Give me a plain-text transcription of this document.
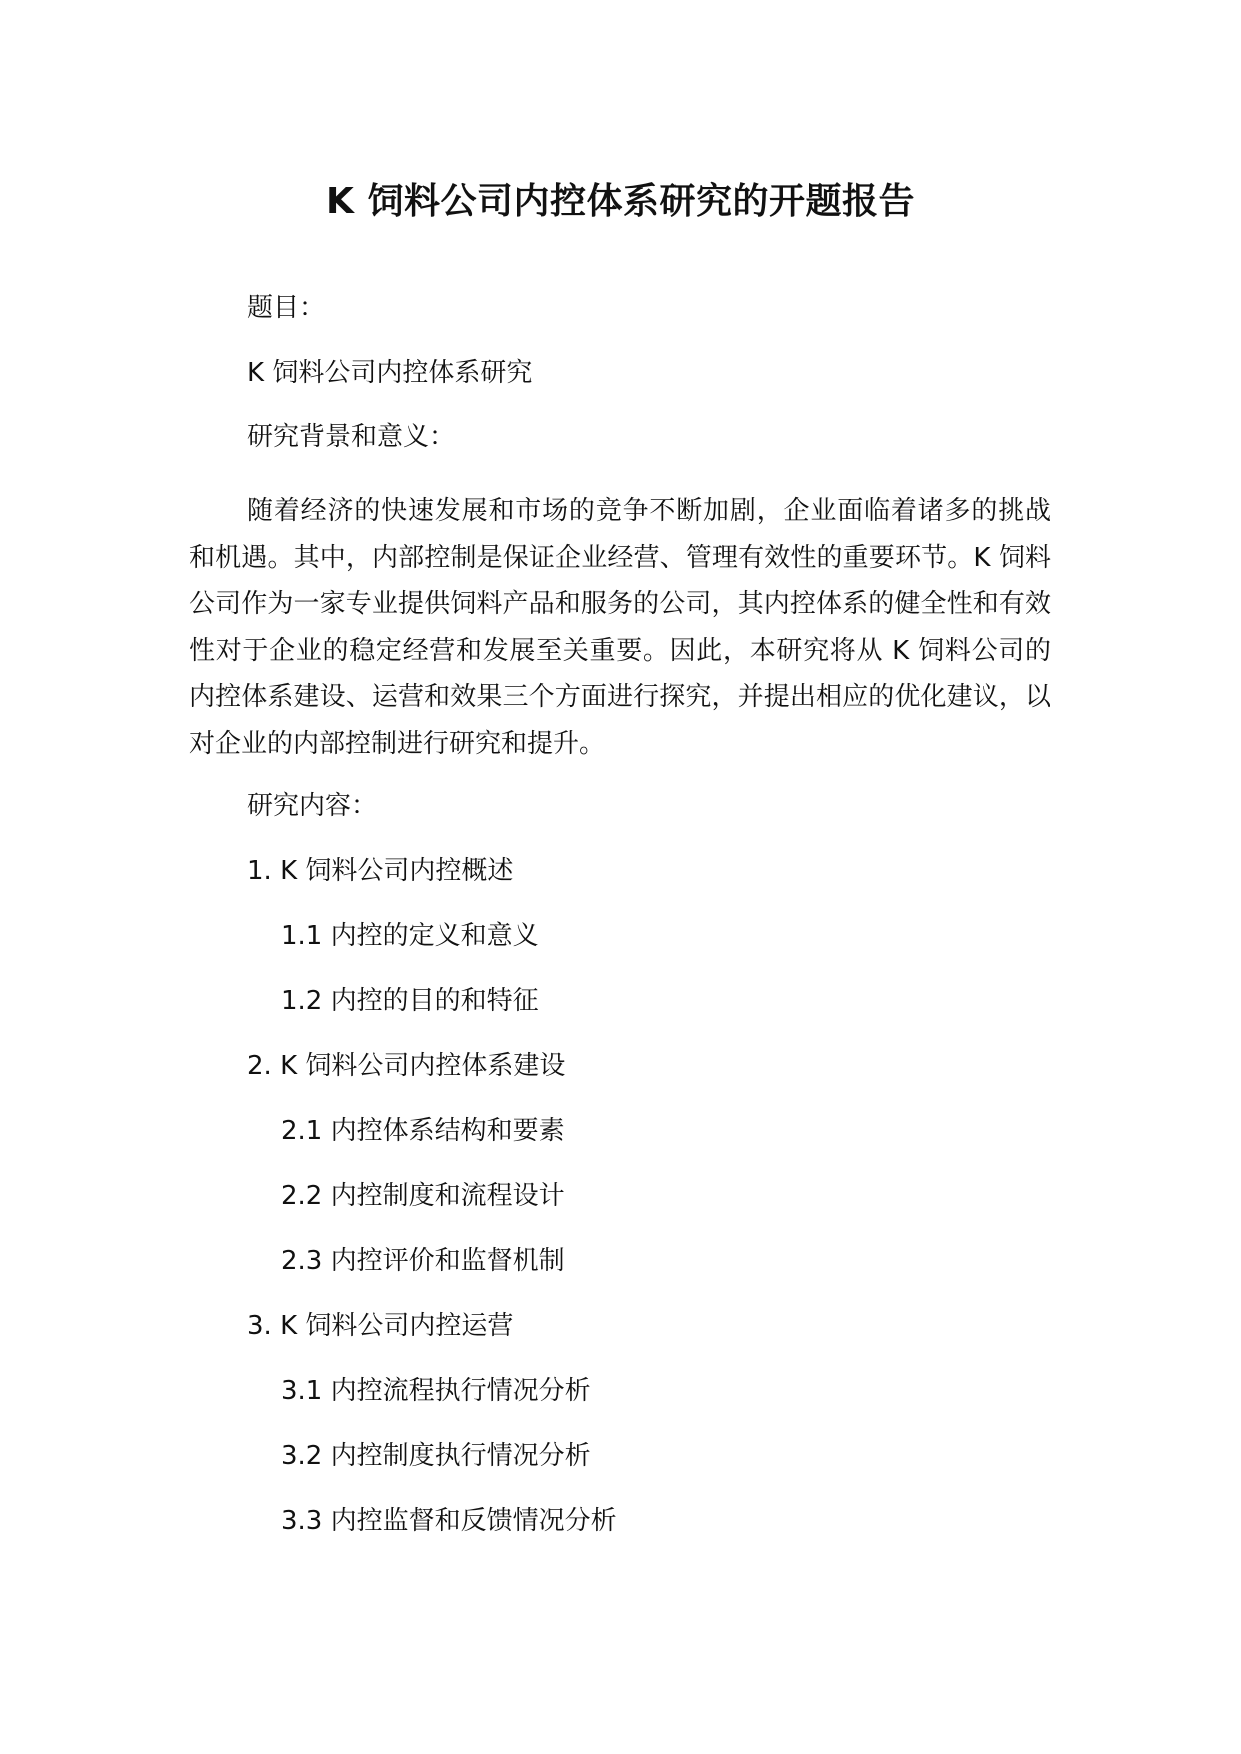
K 饲料公司内控体系研究的开题报告
题目：
K 饲料公司内控体系研究
研究背景和意义：
随着经济的快速发展和市场的竞争不断加剧，企业面临着诸多的挑战和机遇。其中，内部控制是保证企业经营、管理有效性的重要环节。K 饲料公司作为一家专业提供饲料产品和服务的公司，其内控体系的健全性和有效性对于企业的稳定经营和发展至关重要。因此，本研究将从 K 饲料公司的内控体系建设、运营和效果三个方面进行探究，并提出相应的优化建议，以对企业的内部控制进行研究和提升。
研究内容：
1. K 饲料公司内控概述
1.1 内控的定义和意义
1.2 内控的目的和特征
2. K 饲料公司内控体系建设
2.1 内控体系结构和要素
2.2 内控制度和流程设计
2.3 内控评价和监督机制
3. K 饲料公司内控运营
3.1 内控流程执行情况分析
3.2 内控制度执行情况分析
3.3 内控监督和反馈情况分析
